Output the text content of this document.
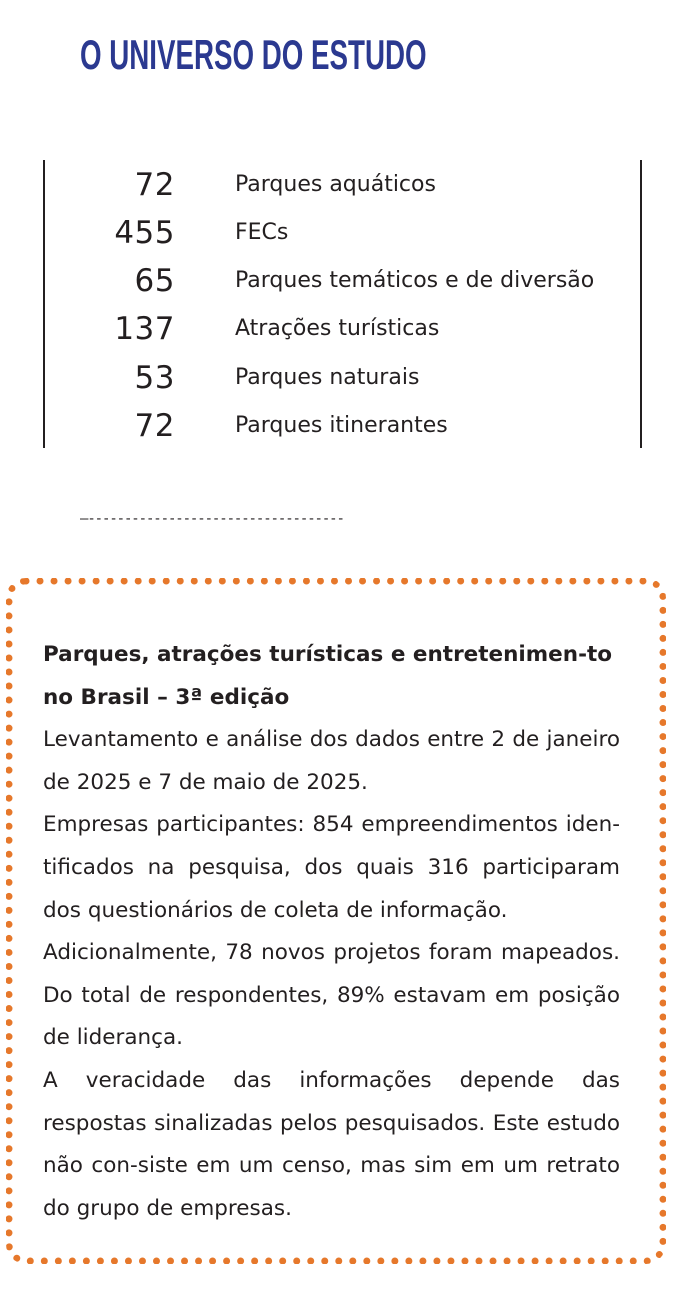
O UNIVERSO DO ESTUDO
72	Parques aquáticos
455	FECs
65	Parques temáticos e de diversão
137	Atrações turísticas
53	Parques naturais
72	Parques itinerantes
—-----------------------------------

Parques, atrações turísticas e entretenimen-to no Brasil – 3ª edição

Levantamento e análise dos dados entre 2 de janeiro de 2025 e 7 de maio de 2025.

Empresas participantes: 854 empreendimentos iden-tificados na pesquisa, dos quais 316 participaram dos questionários de coleta de informação.

Adicionalmente, 78 novos projetos foram mapeados. Do total de respondentes, 89% estavam em posição de liderança.

A veracidade das informações depende das respostas sinalizadas pelos pesquisados. Este estudo não con-siste em um censo, mas sim em um retrato do grupo de empresas.
